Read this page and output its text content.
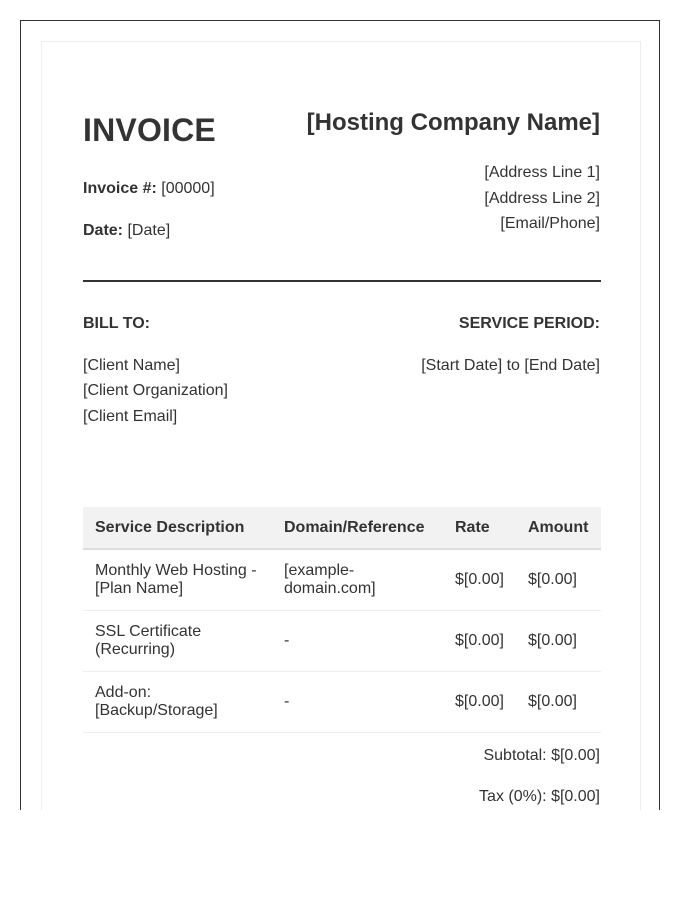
INVOICE	[Hosting Company Name]
Invoice #: [00000]
Date: [Date]
[Address Line 1]
[Address Line 2]
[Email/Phone]
BILL TO:
[Client Name]
[Client Organization]
[Client Email]
SERVICE PERIOD:
[Start Date] to [End Date]
Service Description	Domain/Reference	Rate	Amount
Monthly Web Hosting - [Plan Name]	[example-domain.com]	$[0.00]	$[0.00]
SSL Certificate (Recurring)	-	$[0.00]	$[0.00]
Add-on: [Backup/Storage]	-	$[0.00]	$[0.00]
Subtotal: $[0.00]
Tax (0%): $[0.00]
